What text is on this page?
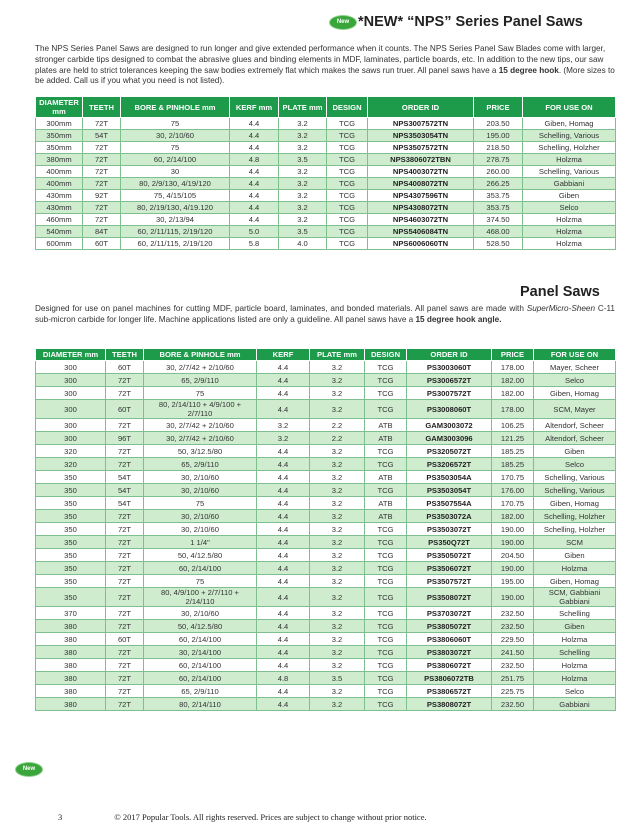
New *NEW* “NPS” Series Panel Saws
The NPS Series Panel Saws are designed to run longer and give extended performance when it counts. The NPS Series Panel Saw Blades come with larger, stronger carbide tips designed to combat the abrasive glues and binding elements in MDF, laminates, particle boards, etc. In addition to the new tips, our saw plates are held to strict tolerances keeping the saw bodies extremely flat which makes the saws run truer. All panel saws have a 15 degree hook. (More sizes to be added. Call us if you what you need is not listed).
DIAMETER mm	TEETH	BORE & PINHOLE mm	KERF mm	PLATE mm	DESIGN	ORDER ID	PRICE	FOR USE ON
300mm	72T	75	4.4	3.2	TCG	NPS3007572TN	203.50	Giben, Homag
350mm	54T	30, 2/10/60	4.4	3.2	TCG	NPS3503054TN	195.00	Schelling, Various
350mm	72T	75	4.4	3.2	TCG	NPS3507572TN	218.50	Schelling, Holzher
380mm	72T	60, 2/14/100	4.8	3.5	TCG	NPS3806072TBN	278.75	Holzma
400mm	72T	30	4.4	3.2	TCG	NPS4003072TN	260.00	Schelling, Various
400mm	72T	80, 2/9/130, 4/19/120	4.4	3.2	TCG	NPS4008072TN	266.25	Gabbiani
430mm	92T	75, 4/15/105	4.4	3.2	TCG	NPS4307596TN	353.75	Giben
430mm	72T	80, 2/19/130, 4/19.120	4.4	3.2	TCG	NPS4308072TN	353.75	Selco
460mm	72T	30, 2/13/94	4.4	3.2	TCG	NPS4603072TN	374.50	Holzma
540mm	84T	60, 2/11/115, 2/19/120	5.0	3.5	TCG	NPS5406084TN	468.00	Holzma
600mm	60T	60, 2/11/115, 2/19/120	5.8	4.0	TCG	NPS6006060TN	528.50	Holzma
Panel Saws
Designed for use on panel machines for cutting MDF, particle board, laminates, and bonded materials. All panel saws are made with SuperMicro-Sheen C-11 sub-micron carbide for longer life. Machine applications listed are only a guideline. All panel saws have a 15 degree hook angle.
DIAMETER mm	TEETH	BORE & PINHOLE mm	KERF	PLATE mm	DESIGN	ORDER ID	PRICE	FOR USE ON
300	60T	30, 2/7/42 + 2/10/60	4.4	3.2	TCG	PS3003060T	178.00	Mayer, Scheer
300	72T	65, 2/9/110	4.4	3.2	TCG	PS3006572T	182.00	Selco
300	72T	75	4.4	3.2	TCG	PS3007572T	182.00	Giben, Homag
300	60T	80, 2/14/110 + 4/9/100 + 2/7/110	4.4	3.2	TCG	PS3008060T	178.00	SCM, Mayer
300	72T	30, 2/7/42 + 2/10/60	3.2	2.2	ATB	GAM3003072	106.25	Altendorf, Scheer
300	96T	30, 2/7/42 + 2/10/60	3.2	2.2	ATB	GAM3003096	121.25	Altendorf, Scheer
320	72T	50, 3/12.5/80	4.4	3.2	TCG	PS3205072T	185.25	Giben
320	72T	65, 2/9/110	4.4	3.2	TCG	PS3206572T	185.25	Selco
350	54T	30, 2/10/60	4.4	3.2	ATB	PS3503054A	170.75	Schelling, Various
350	54T	30, 2/10/60	4.4	3.2	TCG	PS3503054T	176.00	Schelling, Various
350	54T	75	4.4	3.2	ATB	PS3507554A	170.75	Giben, Homag
350	72T	30, 2/10/60	4.4	3.2	ATB	PS3503072A	182.00	Schelling, Holzher
350	72T	30, 2/10/60	4.4	3.2	TCG	PS3503072T	190.00	Schelling, Holzher
350	72T	1 1/4"	4.4	3.2	TCG	PS350Q72T	190.00	SCM
350	72T	50, 4/12.5/80	4.4	3.2	TCG	PS3505072T	204.50	Giben
350	72T	60, 2/14/100	4.4	3.2	TCG	PS3506072T	190.00	Holzma
350	72T	75	4.4	3.2	TCG	PS3507572T	195.00	Giben, Homag
350	72T	80, 4/9/100 + 2/7/110 + 2/14/110	4.4	3.2	TCG	PS3508072T	190.00	SCM, Gabbiani Gabbiani
370	72T	30, 2/10/60	4.4	3.2	TCG	PS3703072T	232.50	Schelling
380	72T	50, 4/12.5/80	4.4	3.2	TCG	PS3805072T	232.50	Giben
380	60T	60, 2/14/100	4.4	3.2	TCG	PS3806060T	229.50	Holzma
380	72T	30, 2/14/100	4.4	3.2	TCG	PS3803072T	241.50	Schelling
380	72T	60, 2/14/100	4.4	3.2	TCG	PS3806072T	232.50	Holzma
380	72T	60, 2/14/100	4.8	3.5	TCG	PS3806072TB	251.75	Holzma
380	72T	65, 2/9/110	4.4	3.2	TCG	PS3806572T	225.75	Selco
380	72T	80, 2/14/110	4.4	3.2	TCG	PS3808072T	232.50	Gabbiani
New
3	© 2017 Popular Tools. All rights reserved. Prices are subject to change without prior notice.
